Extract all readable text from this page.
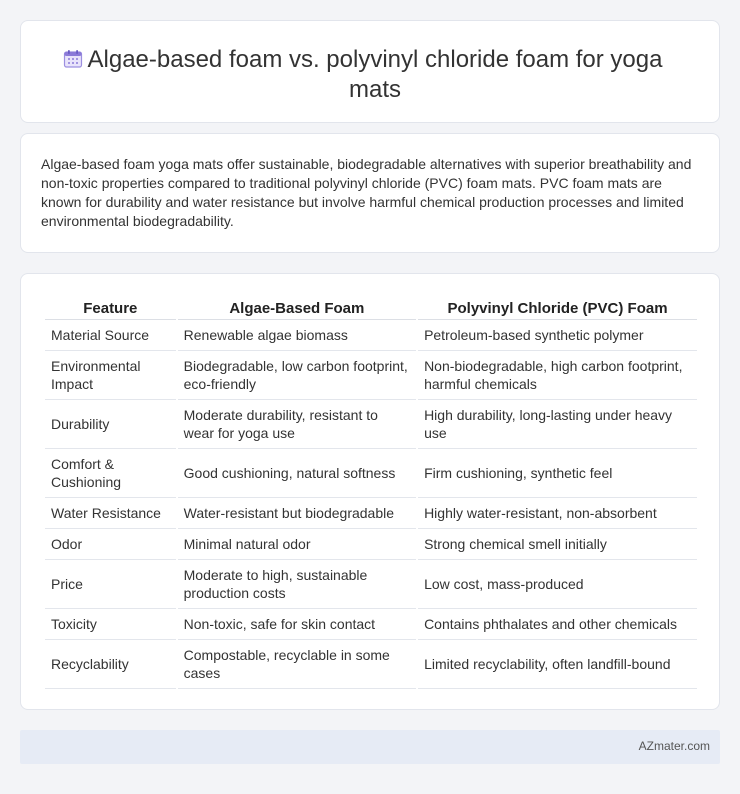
Algae-based foam vs. polyvinyl chloride foam for yoga mats

Algae-based foam yoga mats offer sustainable, biodegradable alternatives with superior breathability and non-toxic properties compared to traditional polyvinyl chloride (PVC) foam mats. PVC foam mats are known for durability and water resistance but involve harmful chemical production processes and limited environmental biodegradability.

Feature	Algae-Based Foam	Polyvinyl Chloride (PVC) Foam
Material Source	Renewable algae biomass	Petroleum-based synthetic polymer
Environmental Impact	Biodegradable, low carbon footprint, eco-friendly	Non-biodegradable, high carbon footprint, harmful chemicals
Durability	Moderate durability, resistant to wear for yoga use	High durability, long-lasting under heavy use
Comfort & Cushioning	Good cushioning, natural softness	Firm cushioning, synthetic feel
Water Resistance	Water-resistant but biodegradable	Highly water-resistant, non-absorbent
Odor	Minimal natural odor	Strong chemical smell initially
Price	Moderate to high, sustainable production costs	Low cost, mass-produced
Toxicity	Non-toxic, safe for skin contact	Contains phthalates and other chemicals
Recyclability	Compostable, recyclable in some cases	Limited recyclability, often landfill-bound
AZmater.com
